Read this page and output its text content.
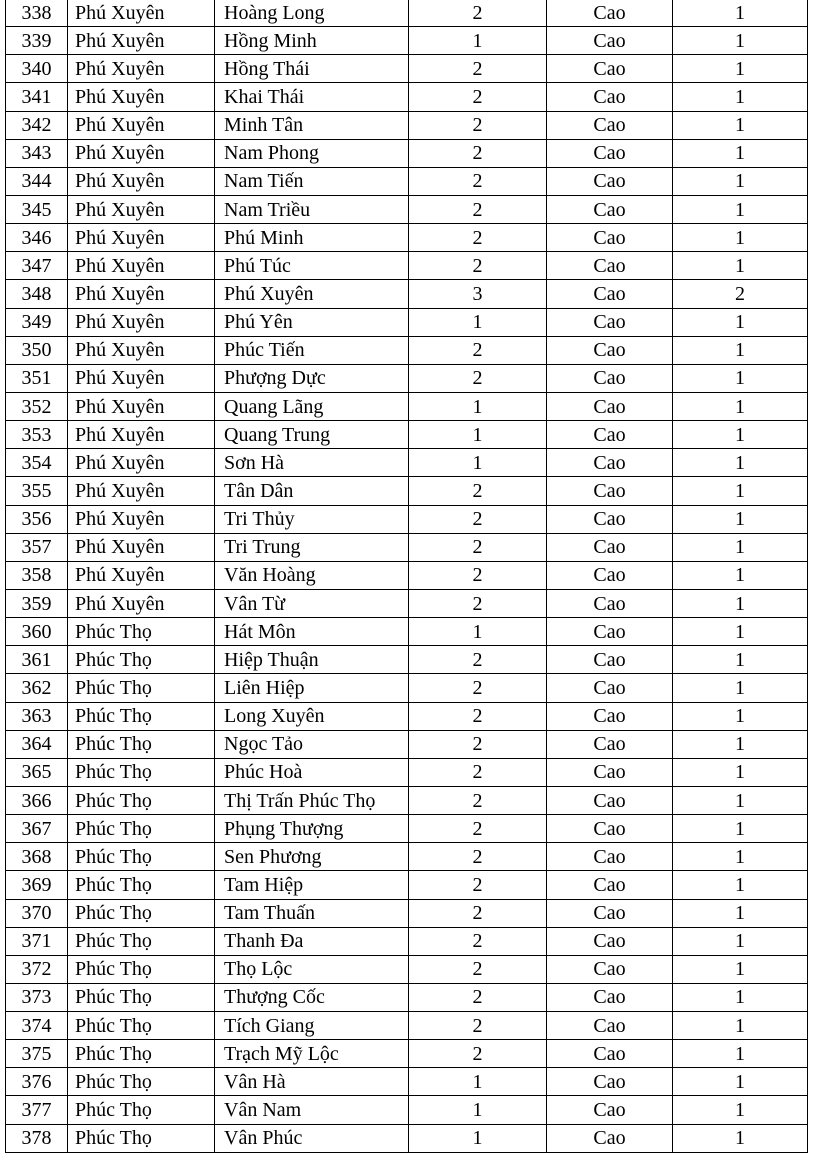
338	Phú Xuyên	Hoàng Long	2	Cao	1
339	Phú Xuyên	Hồng Minh	1	Cao	1
340	Phú Xuyên	Hồng Thái	2	Cao	1
341	Phú Xuyên	Khai Thái	2	Cao	1
342	Phú Xuyên	Minh Tân	2	Cao	1
343	Phú Xuyên	Nam Phong	2	Cao	1
344	Phú Xuyên	Nam Tiến	2	Cao	1
345	Phú Xuyên	Nam Triều	2	Cao	1
346	Phú Xuyên	Phú Minh	2	Cao	1
347	Phú Xuyên	Phú Túc	2	Cao	1
348	Phú Xuyên	Phú Xuyên	3	Cao	2
349	Phú Xuyên	Phú Yên	1	Cao	1
350	Phú Xuyên	Phúc Tiến	2	Cao	1
351	Phú Xuyên	Phượng Dực	2	Cao	1
352	Phú Xuyên	Quang Lãng	1	Cao	1
353	Phú Xuyên	Quang Trung	1	Cao	1
354	Phú Xuyên	Sơn Hà	1	Cao	1
355	Phú Xuyên	Tân Dân	2	Cao	1
356	Phú Xuyên	Tri Thủy	2	Cao	1
357	Phú Xuyên	Tri Trung	2	Cao	1
358	Phú Xuyên	Văn Hoàng	2	Cao	1
359	Phú Xuyên	Vân Từ	2	Cao	1
360	Phúc Thọ	Hát Môn	1	Cao	1
361	Phúc Thọ	Hiệp Thuận	2	Cao	1
362	Phúc Thọ	Liên Hiệp	2	Cao	1
363	Phúc Thọ	Long Xuyên	2	Cao	1
364	Phúc Thọ	Ngọc Tảo	2	Cao	1
365	Phúc Thọ	Phúc Hoà	2	Cao	1
366	Phúc Thọ	Thị Trấn Phúc Thọ	2	Cao	1
367	Phúc Thọ	Phụng Thượng	2	Cao	1
368	Phúc Thọ	Sen Phương	2	Cao	1
369	Phúc Thọ	Tam Hiệp	2	Cao	1
370	Phúc Thọ	Tam Thuấn	2	Cao	1
371	Phúc Thọ	Thanh Đa	2	Cao	1
372	Phúc Thọ	Thọ Lộc	2	Cao	1
373	Phúc Thọ	Thượng Cốc	2	Cao	1
374	Phúc Thọ	Tích Giang	2	Cao	1
375	Phúc Thọ	Trạch Mỹ Lộc	2	Cao	1
376	Phúc Thọ	Vân Hà	1	Cao	1
377	Phúc Thọ	Vân Nam	1	Cao	1
378	Phúc Thọ	Vân Phúc	1	Cao	1
